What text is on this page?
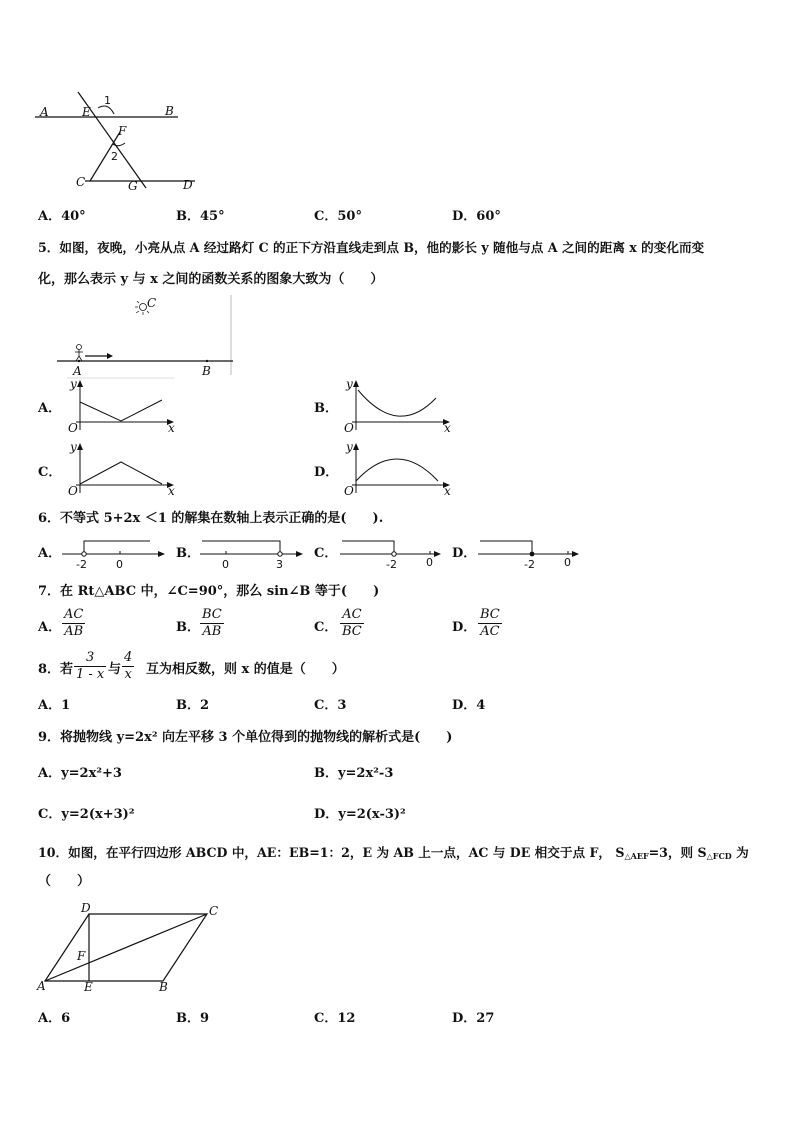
A	E
1
B
F
2
C	G	D
A．40°	B．45°	C．50°	D．60°
5．如图，夜晚，小亮从点 A 经过路灯 C 的正下方沿直线走到点 B，他的影长 y 随他与点 A 之间的距离 x 的变化而变
化，那么表示 y 与 x 之间的函数关系的图象大致为（　　）
C
A	B
A．
y
x
O
B．
y
x
O
C．
y
x
O
D．
y
x
O
6．不等式 5+2x ＜1 的解集在数轴上表示正确的是(　　).
A．
-2	0
B．
0	3
C．
-2	0
D．
-2	0
7．在 Rt△ABC 中，∠C=90°，那么 sin∠B 等于(　　)
A． $\frac{AC}{AB}$	B． $\frac{BC}{AB}$	C． $\frac{AC}{BC}$	D． $\frac{BC}{AC}$
8．若 $\frac{3}{1 - x}$ 与 $\frac{4}{x}$ 互为相反数，则 x 的值是（　　）
A．1	B．2	C．3	D．4
9．将抛物线 y=2x² 向左平移 3 个单位得到的抛物线的解析式是(　　)
A．y=2x²+3	B．y=2x²-3
C．y=2(x+3)²	D．y=2(x-3)²
10．如图，在平行四边形 ABCD 中，AE：EB=1：2，E 为 AB 上一点，AC 与 DE 相交于点 F， $S_{\triangle AEF}=3$，则 $S_{\triangle FCD}$ 为
（　　）
D	C
F
A	E	B
A．6	B．9	C．12	D．27
